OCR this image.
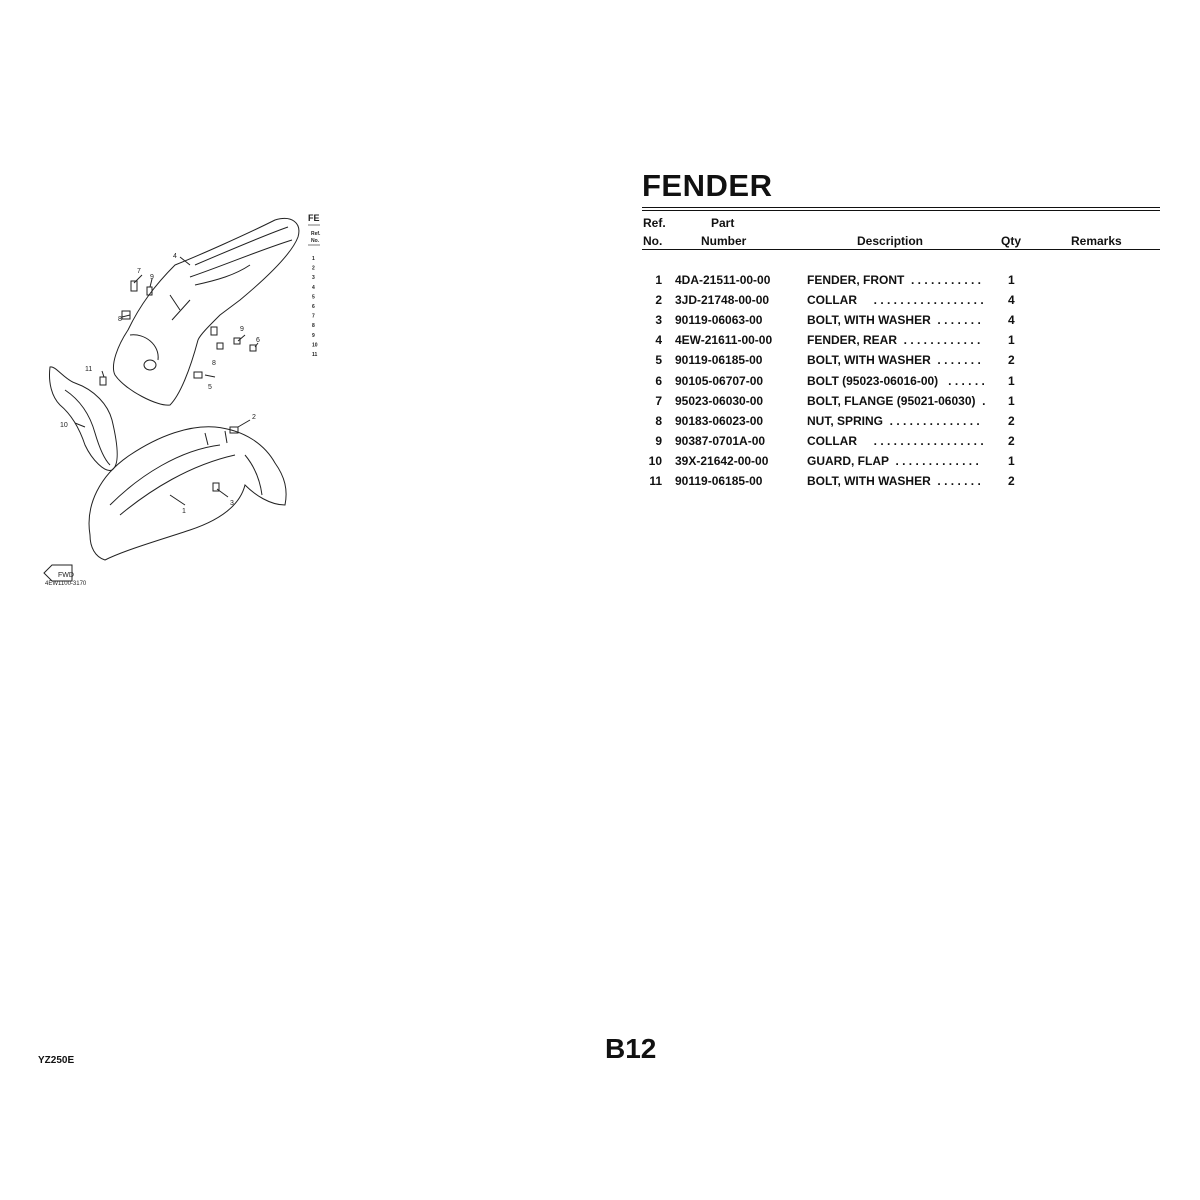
FWD
4
7
9
8
9
6
8
5
11
10
2
3
1
4EW1100-3170
FE
Ref.
No.
1
2
3
4
5
6
7
8
9
10
11
FENDER
Ref.
No.
Part
Number	Description	Qty	Remarks
1 4DA-21511-00-00	FENDER, FRONT  . . . . . . . . . . . 1
2 3JD-21748-00-00	COLLAR     . . . . . . . . . . . . . . . . . 4
3 90119-06063-00	BOLT, WITH WASHER  . . . . . . . 4
4 4EW-21611-00-00	FENDER, REAR  . . . . . . . . . . . . 1
5 90119-06185-00	BOLT, WITH WASHER  . . . . . . . 2
6 90105-06707-00	BOLT (95023-06016-00)   . . . . . . 1
7 95023-06030-00	BOLT, FLANGE (95021-06030)  . 1
8 90183-06023-00	NUT, SPRING  . . . . . . . . . . . . . . 2
9 90387-0701A-00	COLLAR     . . . . . . . . . . . . . . . . . 2
10 39X-21642-00-00	GUARD, FLAP  . . . . . . . . . . . . . 1
11 90119-06185-00	BOLT, WITH WASHER  . . . . . . . 2
YZ250E	B12
